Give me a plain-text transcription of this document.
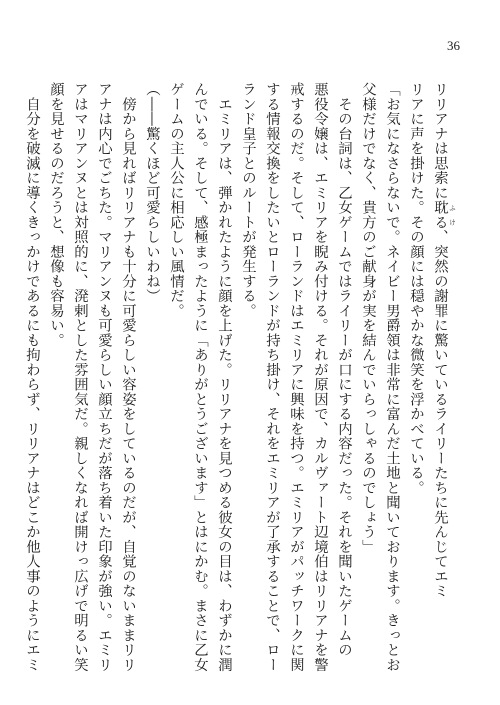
36
リリアナは思索に耽る ふけ、突然の謝罪に驚いているライリーたちに先んじてエミ
リアに声を掛けた。その顔には穏やかな微笑を浮かべている。
「お気になさらないで。ネイビー男爵領は非常に富んだ土地と聞いております。きっとお
父様だけでなく、貴方のご献身が実を結んでいらっしゃるのでしょう」
　その台詞は、乙女ゲームではライリーが口にする内容だった。それを聞いたゲームの
悪役令嬢は、エミリアを睨み付ける。それが原因で、カルヴァート辺境伯はリリアナを警
戒するのだ。そして、ローランドはエミリアに興味を持つ。エミリアがパッチワークに関
する情報交換をしたいとローランドが持ち掛け、それをエミリアが了承することで、ロー
ランド皇子とのルートが発生する。
　エミリアは、弾かれたように顔を上げた。リリアナを見つめる彼女の目は、わずかに潤
んでいる。そして、感極まったように「ありがとうございます」とはにかむ。まさに乙女
ゲームの主人公に相応しい風情だ。
（――驚くほど可愛らしいわね）
　傍から見ればリリアナも十分に可愛らしい容姿をしているのだが、自覚のないままリリ
アナは内心でごちた。マリアンヌも可愛らしい顔立ちだが落ち着いた印象が強い。エミリ
アはマリアンヌとは対照的に、溌剌とした雰囲気だ。親しくなれば開けっ広げで明るい笑
顔を見せるのだろうと、想像も容易い。
　自分を破滅に導くきっかけであるにも拘わらず、リリアナはどこか他人事のようにエミ
